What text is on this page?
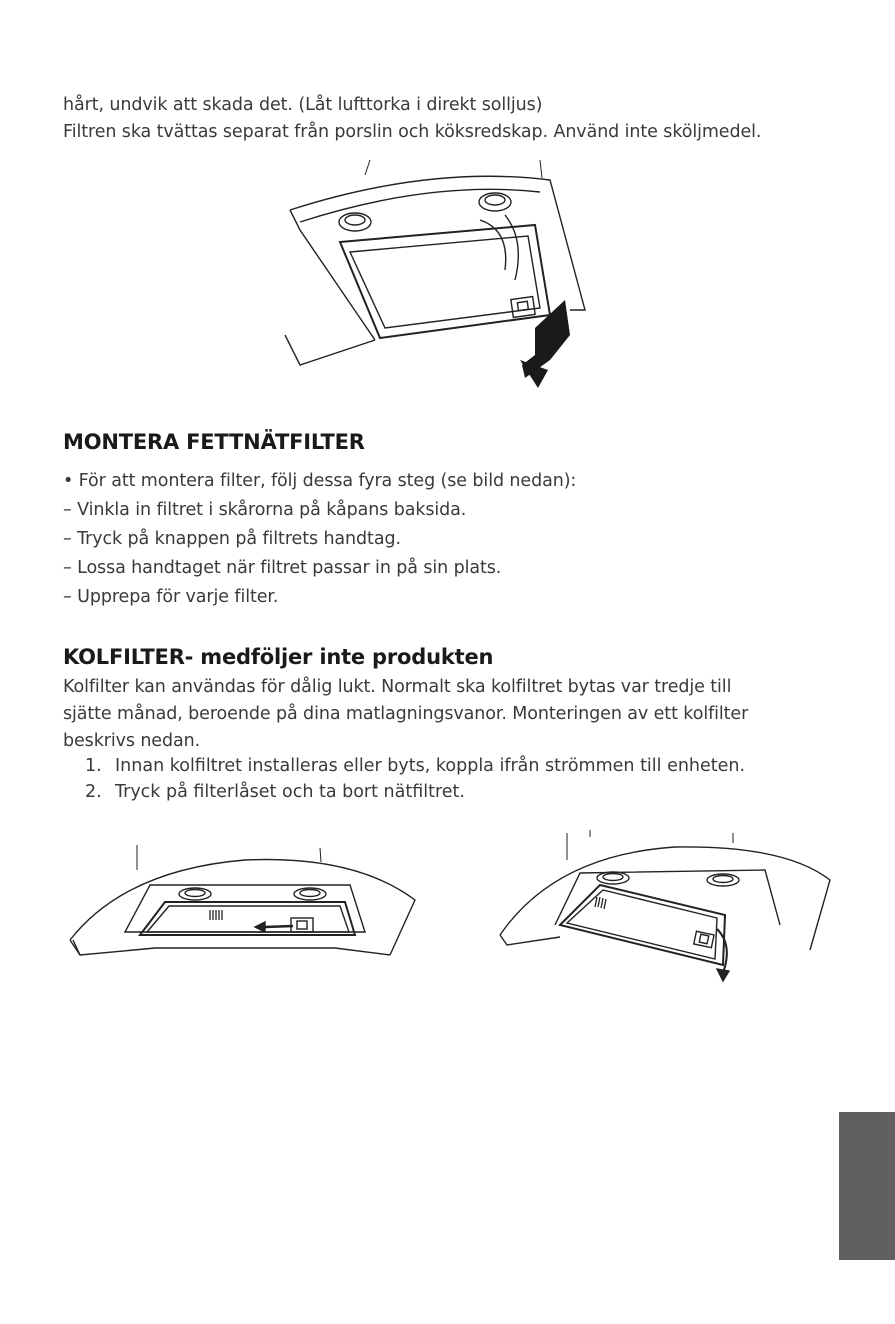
hårt, undvik att skada det. (Låt lufttorka i direkt solljus)
Filtren ska tvättas separat från porslin och köksredskap. Använd inte sköljmedel.
MONTERA FETTNÄTFILTER
• För att montera filter, följ dessa fyra steg (se bild nedan):
– Vinkla in filtret i skårorna på kåpans baksida.
– Tryck på knappen på filtrets handtag.
– Lossa handtaget när filtret passar in på sin plats.
– Upprepa för varje filter.
KOLFILTER- medföljer inte produkten
Kolfilter kan användas för dålig lukt. Normalt ska kolfiltret bytas var tredje till
sjätte månad, beroende på dina matlagningsvanor. Monteringen av ett kolfilter
beskrivs nedan.
1. Innan kolfiltret installeras eller byts, koppla ifrån strömmen till enheten.
2. Tryck på filterlåset och ta bort nätfiltret.
